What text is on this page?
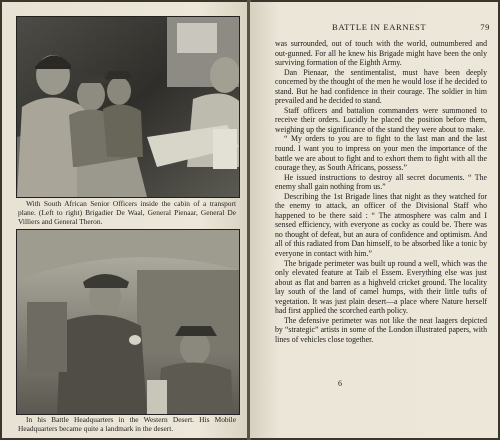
With South African Senior Officers inside the cabin of a transport plane. (Left to right) Brigadier De Waal, General Pienaar, General De Villiers and General Theron.
In his Battle Headquarters in the Western Desert. His Mobile Headquarters became quite a landmark in the desert.
BATTLE IN EARNEST	79

was surrounded, out of touch with the world, outnumbered and out-gunned. For all he knew his Brigade might have been the only surviving formation of the Eighth Army.

Dan Pienaar, the sentimentalist, must have been deeply concerned by the thought of the men he would lose if he decided to stand. But he had confidence in their courage. The soldier in him prevailed and he decided to stand.

Staff officers and battalion commanders were summoned to receive their orders. Lucidly he placed the position before them, weighing up the significance of the stand they were about to make.

“ My orders to you are to fight to the last man and the last round. I want you to impress on your men the importance of the battle we are about to fight and to exhort them to fight with all the courage they, as South Africans, possess.”

He issued instructions to destroy all secret documents. “ The enemy shall gain nothing from us.”

Describing the 1st Brigade lines that night as they watched for the enemy to attack, an officer of the Divisional Staff who happened to be there said : “ The atmosphere was calm and I sensed efficiency, with everyone as cocky as could be. There was no thought of defeat, but an aura of confidence and optimism. And all of this radiated from Dan himself, to be absorbed like a tonic by everyone in contact with him.”

The brigade perimeter was built up round a well, which was the only elevated feature at Taib el Essem. Everything else was just about as flat and barren as a highveld cricket ground. The locality lay south of the land of camel humps, with their little tufts of vegetation. It was just plain desert—a place where Nature herself had first applied the scorched earth policy.

The defensive perimeter was not like the neat laagers depicted by “strategic” artists in some of the London illustrated papers, with lines of vehicles close together.

6
